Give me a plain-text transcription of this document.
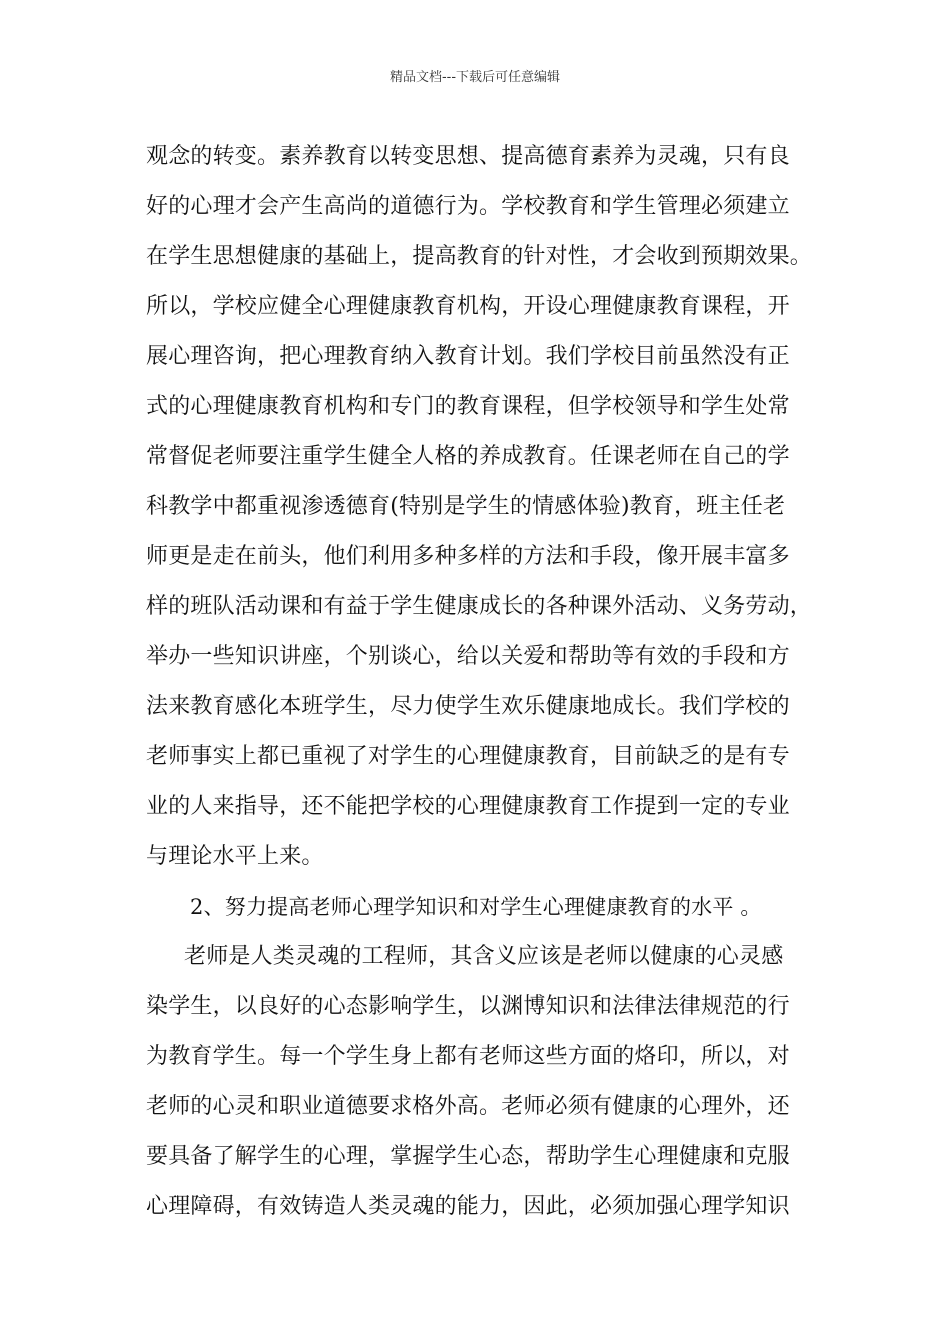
精品文档---下载后可任意编辑
观念的转变。素养教育以转变思想、提高德育素养为灵魂，只有良
好的心理才会产生高尚的道德行为。学校教育和学生管理必须建立
在学生思想健康的基础上，提高教育的针对性，才会收到预期效果。
所以，学校应健全心理健康教育机构，开设心理健康教育课程，开
展心理咨询，把心理教育纳入教育计划。我们学校目前虽然没有正
式的心理健康教育机构和专门的教育课程，但学校领导和学生处常
常督促老师要注重学生健全人格的养成教育。任课老师在自己的学
科教学中都重视渗透德育(特别是学生的情感体验)教育，班主任老
师更是走在前头，他们利用多种多样的方法和手段，像开展丰富多
样的班队活动课和有益于学生健康成长的各种课外活动、义务劳动，
举办一些知识讲座，个别谈心，给以关爱和帮助等有效的手段和方
法来教育感化本班学生，尽力使学生欢乐健康地成长。我们学校的
老师事实上都已重视了对学生的心理健康教育，目前缺乏的是有专
业的人来指导，还不能把学校的心理健康教育工作提到一定的专业
与理论水平上来。
2、努力提高老师心理学知识和对学生心理健康教育的水平 。
老师是人类灵魂的工程师，其含义应该是老师以健康的心灵感
染学生，以良好的心态影响学生，以渊博知识和法律法律规范的行
为教育学生。每一个学生身上都有老师这些方面的烙印，所以，对
老师的心灵和职业道德要求格外高。老师必须有健康的心理外，还
要具备了解学生的心理，掌握学生心态，帮助学生心理健康和克服
心理障碍，有效铸造人类灵魂的能力，因此，必须加强心理学知识
